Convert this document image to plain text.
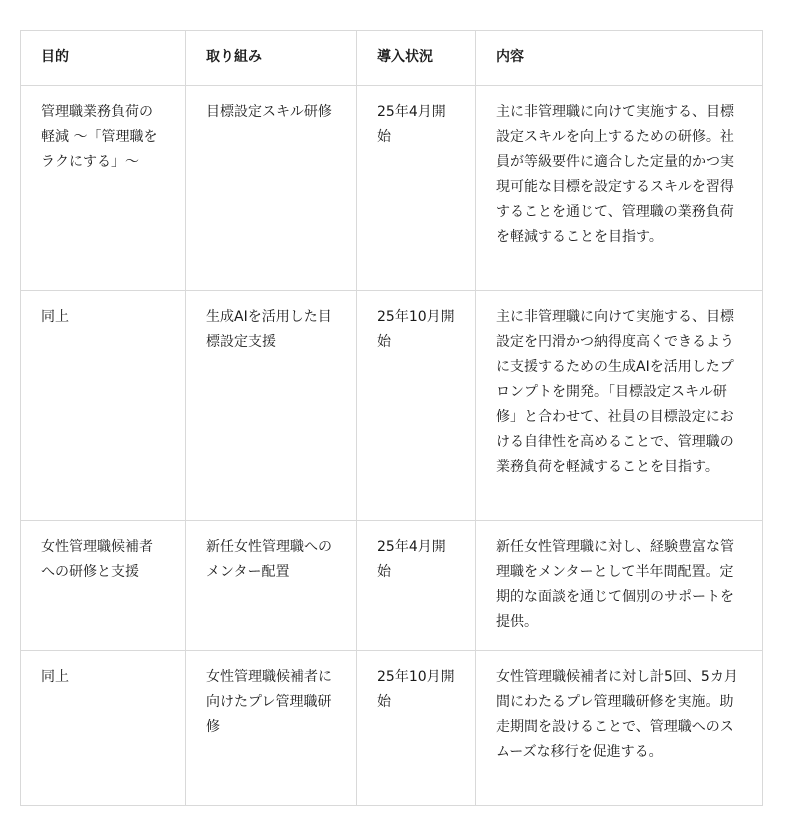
目的	取り組み	導入状況	内容
管理職業務負荷の軽減 〜「管理職をラクにする」〜	目標設定スキル研修	25年4月開始	主に非管理職に向けて実施する、目標設定スキルを向上するための研修。社員が等級要件に適合した定量的かつ実現可能な目標を設定するスキルを習得することを通じて、管理職の業務負荷を軽減することを目指す。
同上	生成AIを活用した目標設定支援	25年10月開始	主に非管理職に向けて実施する、目標設定を円滑かつ納得度高くできるように支援するための生成AIを活用したプロンプトを開発。「目標設定スキル研修」と合わせて、社員の目標設定における自律性を高めることで、管理職の業務負荷を軽減することを目指す。
女性管理職候補者への研修と支援	新任女性管理職へのメンター配置	25年4月開始	新任女性管理職に対し、経験豊富な管理職をメンターとして半年間配置。定期的な面談を通じて個別のサポートを提供。
同上	女性管理職候補者に向けたプレ管理職研修	25年10月開始	女性管理職候補者に対し計5回、5カ月間にわたるプレ管理職研修を実施。助走期間を設けることで、管理職へのスムーズな移行を促進する。
